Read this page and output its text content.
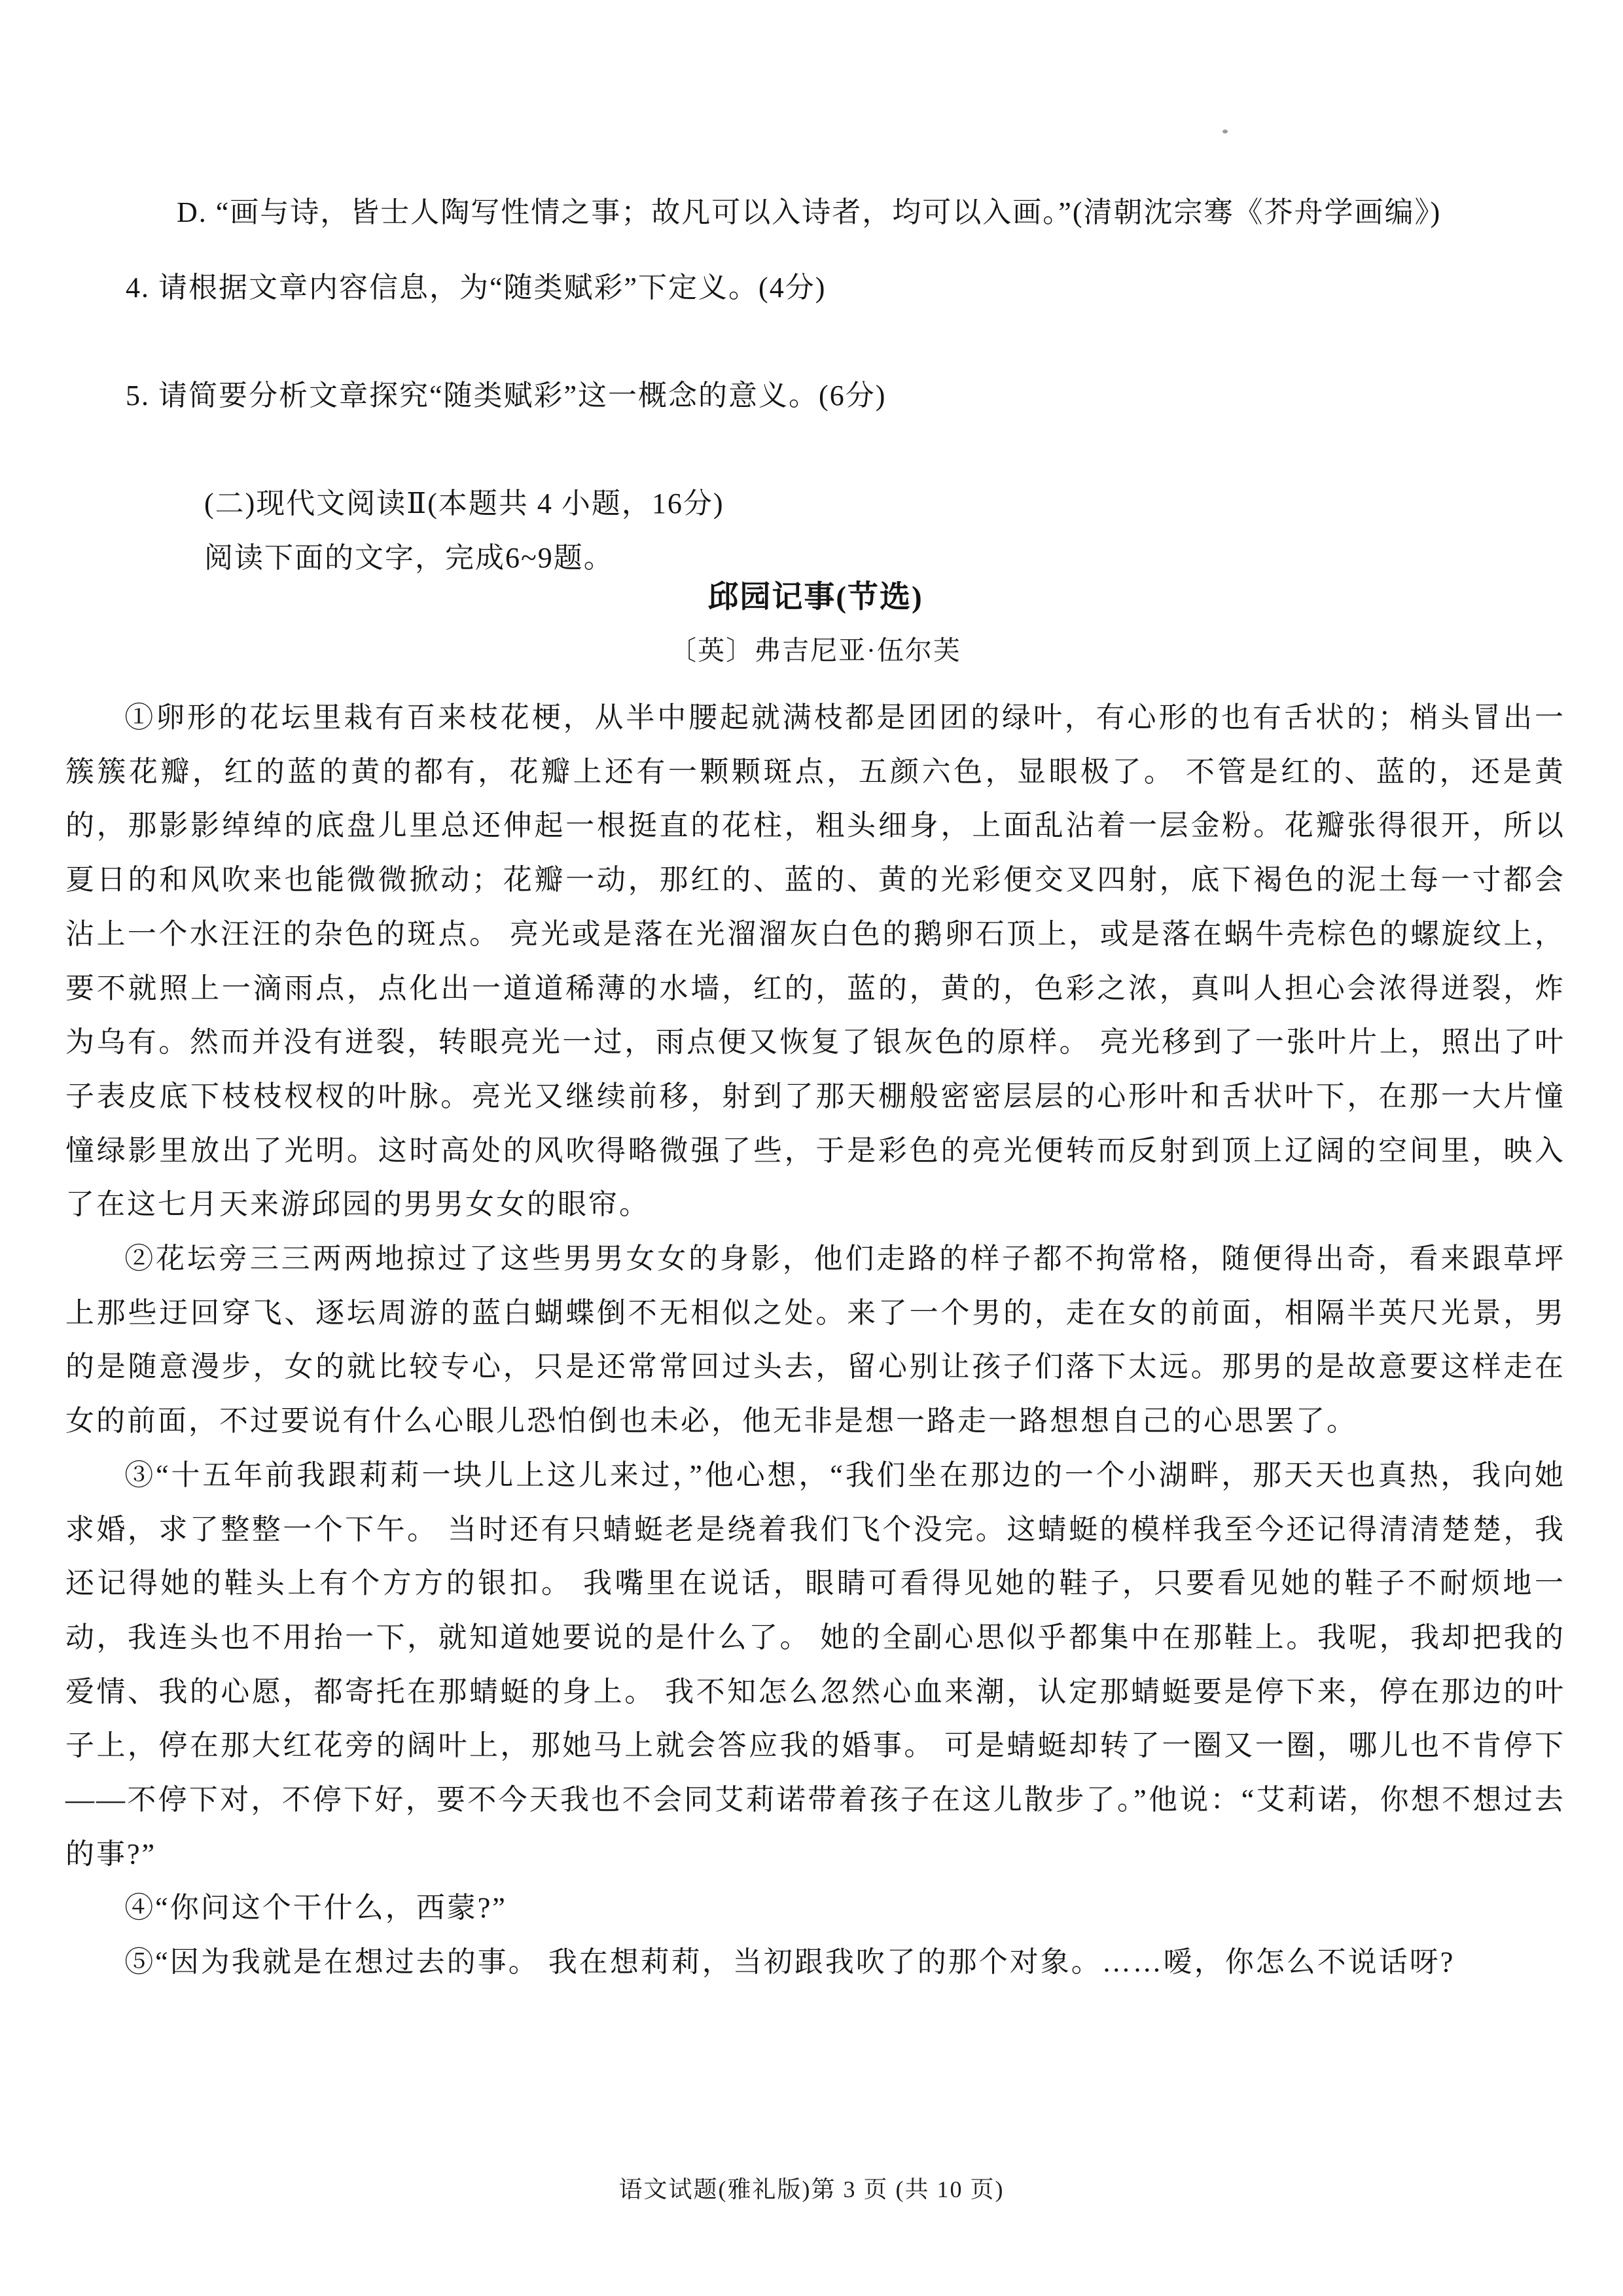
D. “画与诗，皆士人陶写性情之事；故凡可以入诗者，均可以入画。”(清朝沈宗骞《芥舟学画编》)
4. 请根据文章内容信息，为“随类赋彩”下定义。(4分)
5. 请简要分析文章探究“随类赋彩”这一概念的意义。(6分)
(二)现代文阅读Ⅱ(本题共 4 小题，16分)
阅读下面的文字，完成6~9题。
邱园记事(节选)
〔英〕弗吉尼亚·伍尔芙

①卵形的花坛里栽有百来枝花梗，从半中腰起就满枝都是团团的绿叶，有心形的也有舌状的；梢头冒出一簇簇花瓣，红的蓝的黄的都有，花瓣上还有一颗颗斑点，五颜六色，显眼极了。 不管是红的、蓝的，还是黄的，那影影绰绰的底盘儿里总还伸起一根挺直的花柱，粗头细身，上面乱沾着一层金粉。花瓣张得很开，所以夏日的和风吹来也能微微掀动；花瓣一动，那红的、蓝的、黄的光彩便交叉四射，底下褐色的泥土每一寸都会沾上一个水汪汪的杂色的斑点。 亮光或是落在光溜溜灰白色的鹅卵石顶上，或是落在蜗牛壳棕色的螺旋纹上，要不就照上一滴雨点，点化出一道道稀薄的水墙，红的，蓝的，黄的，色彩之浓，真叫人担心会浓得迸裂，炸为乌有。然而并没有迸裂，转眼亮光一过，雨点便又恢复了银灰色的原样。 亮光移到了一张叶片上，照出了叶子表皮底下枝枝杈杈的叶脉。亮光又继续前移，射到了那天棚般密密层层的心形叶和舌状叶下，在那一大片憧憧绿影里放出了光明。这时高处的风吹得略微强了些，于是彩色的亮光便转而反射到顶上辽阔的空间里，映入了在这七月天来游邱园的男男女女的眼帘。

②花坛旁三三两两地掠过了这些男男女女的身影，他们走路的样子都不拘常格，随便得出奇，看来跟草坪上那些迂回穿飞、逐坛周游的蓝白蝴蝶倒不无相似之处。来了一个男的，走在女的前面，相隔半英尺光景，男的是随意漫步，女的就比较专心，只是还常常回过头去，留心别让孩子们落下太远。那男的是故意要这样走在女的前面，不过要说有什么心眼儿恐怕倒也未必，他无非是想一路走一路想想自己的心思罢了。

③“十五年前我跟莉莉一块儿上这儿来过，”他心想，“我们坐在那边的一个小湖畔，那天天也真热，我向她求婚，求了整整一个下午。 当时还有只蜻蜓老是绕着我们飞个没完。这蜻蜓的模样我至今还记得清清楚楚，我还记得她的鞋头上有个方方的银扣。 我嘴里在说话，眼睛可看得见她的鞋子，只要看见她的鞋子不耐烦地一动，我连头也不用抬一下，就知道她要说的是什么了。 她的全副心思似乎都集中在那鞋上。我呢，我却把我的爱情、我的心愿，都寄托在那蜻蜓的身上。 我不知怎么忽然心血来潮，认定那蜻蜓要是停下来，停在那边的叶子上，停在那大红花旁的阔叶上，那她马上就会答应我的婚事。 可是蜻蜓却转了一圈又一圈，哪儿也不肯停下——不停下对，不停下好，要不今天我也不会同艾莉诺带着孩子在这儿散步了。”他说：“艾莉诺，你想不想过去的事?”

④“你问这个干什么，西蒙?”

⑤“因为我就是在想过去的事。 我在想莉莉，当初跟我吹了的那个对象。……嗳，你怎么不说话呀?

语文试题(雅礼版)第 3 页 (共 10 页)
